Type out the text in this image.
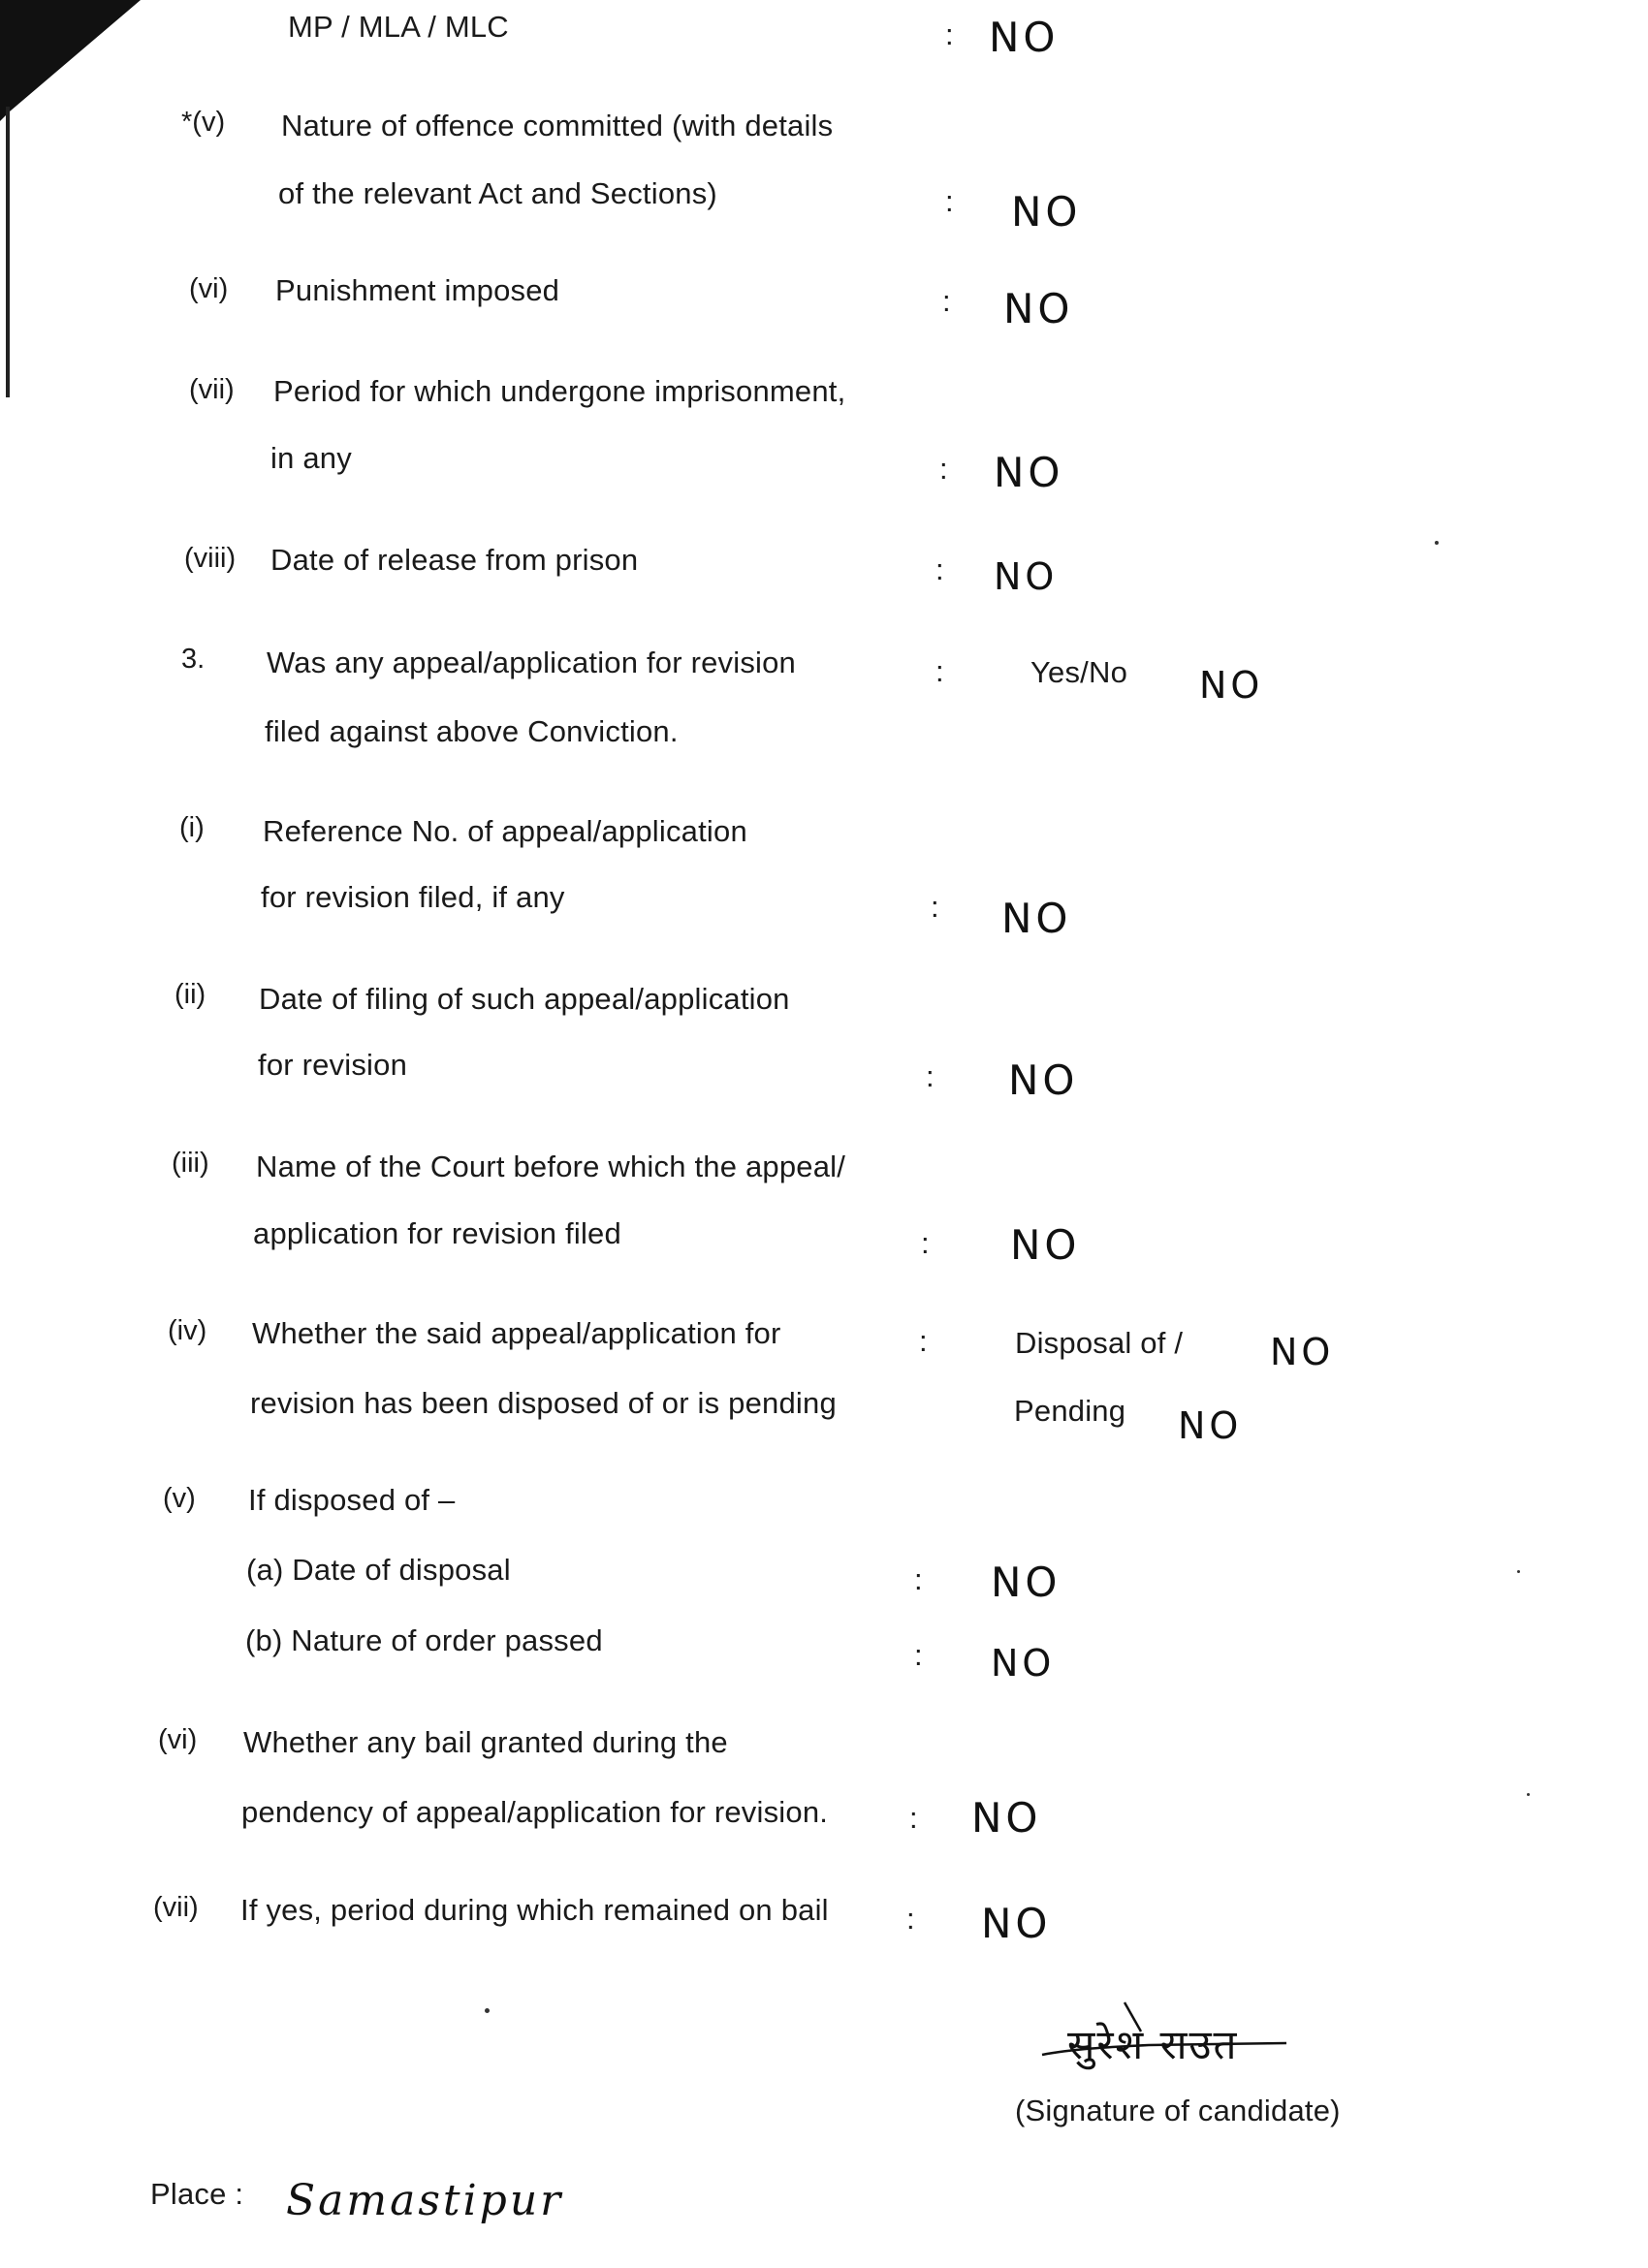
MP / MLA / MLC	: NO
*(v) Nature of offence committed (with details
of the relevant Act and Sections)	: NO
(vi) Punishment imposed	: NO
(vii) Period for which undergone imprisonment,
in any	: NO
(viii) Date of release from prison	: NO
3. Was any appeal/application for revision
filed against above Conviction.
:	Yes/No NO
(i) Reference No. of appeal/application
for revision filed, if any	: NO
(ii) Date of filing of such appeal/application
for revision	: NO
(iii) Name of the Court before which the appeal/
application for revision filed	: NO
(iv) Whether the said appeal/application for
revision has been disposed of or is pending
:	Disposal of / NO
Pending NO
(v) If disposed of –
(a) Date of disposal	: NO
(b) Nature of order passed	: NO
(vi) Whether any bail granted during the
pendency of appeal/application for revision.	: NO
(vii) If yes, period during which remained on bail	: NO
सुरेश राउत
(Signature of candidate)
Place : Samastipur
